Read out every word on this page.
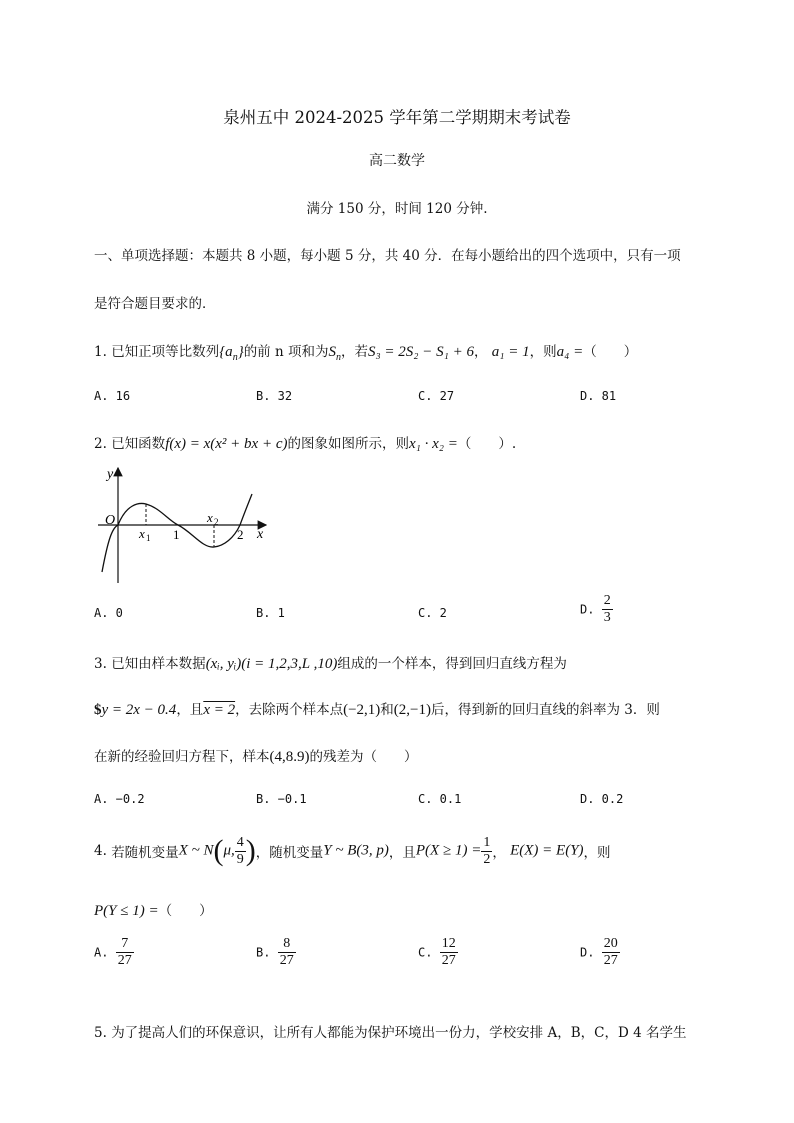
泉州五中 2024-2025 学年第二学期期末考试卷
高二数学
满分 150 分，时间 120 分钟.
一、单项选择题：本题共 8 小题，每小题 5 分，共 40 分．在每小题给出的四个选项中，只有一项
是符合题目要求的．
1. 已知正项等比数列$\{a_n\}$的前 n 项和为$S_n$，若S₃ = 2S₂ − S₁ + 6， a₁ = 1，则a₄ =（　　）
A. 16	B. 32	C. 27	D. 81
2. 已知函数f(x) = x(x² + bx + c)的图象如图所示，则x₁ · x₂ =（　　）.
y
O
x
x 1
x 2
1	2
A. 0	B. 1	C. 2	D. $\frac{2}{3}$
3. 已知由样本数据(xᵢ, yᵢ)(i = 1,2,3,L ,10)组成的一个样本，得到回归直线方程为
$y = 2x − 0.4，且x = 2，去除两个样本点(−2,1)和(2,−1)后，得到新的回归直线的斜率为 3．则
在新的经验回归方程下，样本(4,8.9)的残差为（　　）
A. −0.2	B. −0.1	C. 0.1	D. 0.2
4. 若随机变量X ~ N(μ, $\frac{4}{9}$ )，随机变量Y ~ B(3, p)，且$P(X \ge 1) = \frac{1}{2}$ ， E(X) = E(Y)，则
P(Y ≤ 1) =（　　）
A. $\frac{7}{27}$	B. $\frac{8}{27}$	C. $\frac{12}{27}$	D. $\frac{20}{27}$
5. 为了提高人们的环保意识，让所有人都能为保护环境出一份力，学校安排 A，B，C，D 4 名学生
